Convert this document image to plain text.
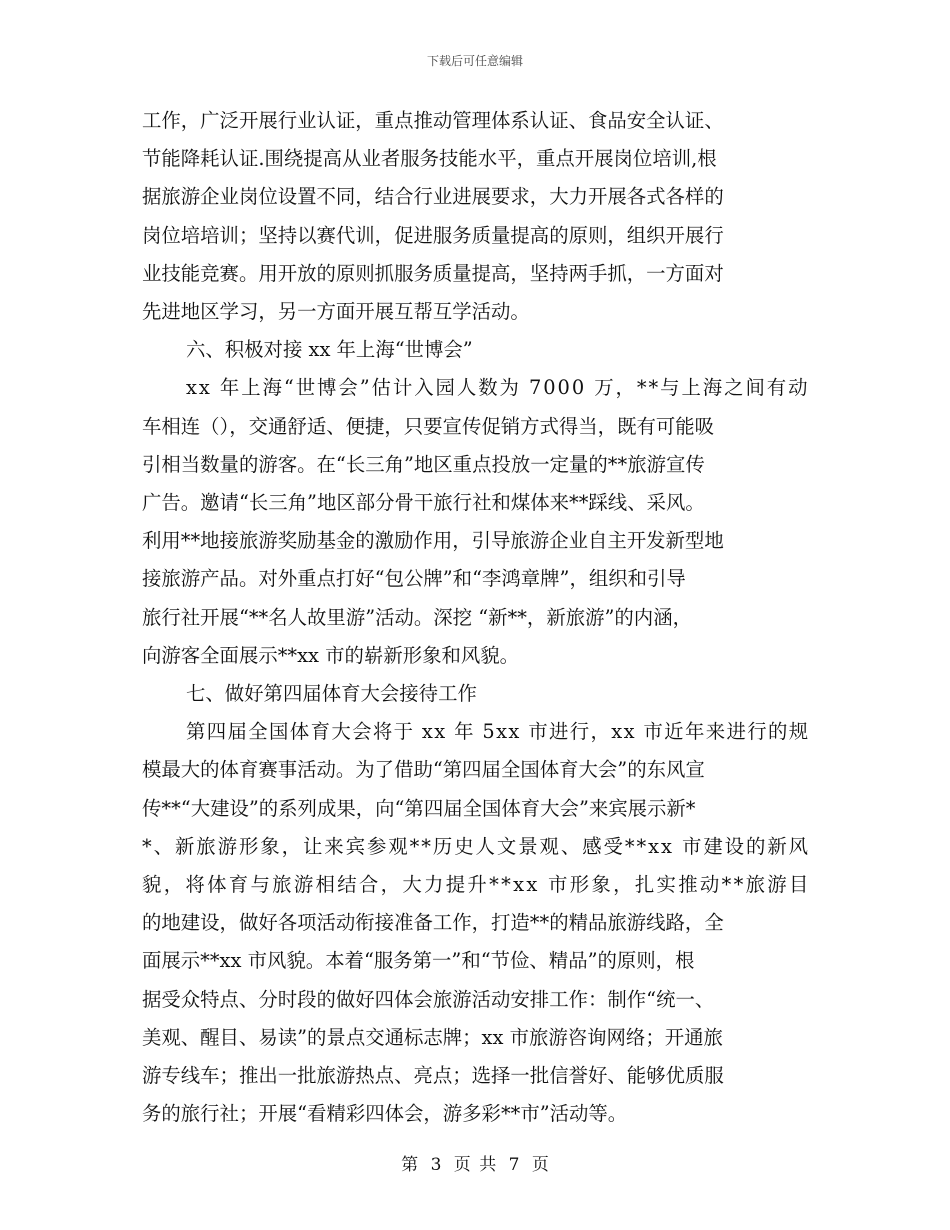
下载后可任意编辑
工作，广泛开展行业认证，重点推动管理体系认证、食品安全认证、
节能降耗认证.围绕提高从业者服务技能水平，重点开展岗位培训,根
据旅游企业岗位设置不同，结合行业进展要求，大力开展各式各样的
岗位培培训；坚持以赛代训，促进服务质量提高的原则，组织开展行
业技能竞赛。用开放的原则抓服务质量提高，坚持两手抓，一方面对
先进地区学习，另一方面开展互帮互学活动。
六、积极对接 xx 年上海“世博会”
xx 年上海“世博会”估计入园人数为 7000 万，**与上海之间有动
车相连（），交通舒适、便捷，只要宣传促销方式得当，既有可能吸
引相当数量的游客。在“长三角”地区重点投放一定量的**旅游宣传
广告。邀请“长三角”地区部分骨干旅行社和煤体来**踩线、采风。
利用**地接旅游奖励基金的激励作用，引导旅游企业自主开发新型地
接旅游产品。对外重点打好“包公牌”和“李鸿章牌”，组织和引导
旅行社开展“**名人故里游”活动。深挖 “新**，新旅游”的内涵，
向游客全面展示**xx 市的崭新形象和风貌。
七、做好第四届体育大会接待工作
第四届全国体育大会将于 xx 年 5xx 市进行，xx 市近年来进行的规
模最大的体育赛事活动。为了借助“第四届全国体育大会”的东风宣
传**“大建设”的系列成果，向“第四届全国体育大会”来宾展示新*
*、新旅游形象，让来宾参观**历史人文景观、感受**xx 市建设的新风
貌，将体育与旅游相结合，大力提升**xx 市形象，扎实推动**旅游目
的地建设，做好各项活动衔接准备工作，打造**的精品旅游线路，全
面展示**xx 市风貌。本着“服务第一”和“节俭、精品”的原则，根
据受众特点、分时段的做好四体会旅游活动安排工作：制作“统一、
美观、醒目、易读”的景点交通标志牌；xx 市旅游咨询网络；开通旅
游专线车；推出一批旅游热点、亮点；选择一批信誉好、能够优质服
务的旅行社；开展“看精彩四体会，游多彩**市”活动等。
第 3 页 共 7 页
